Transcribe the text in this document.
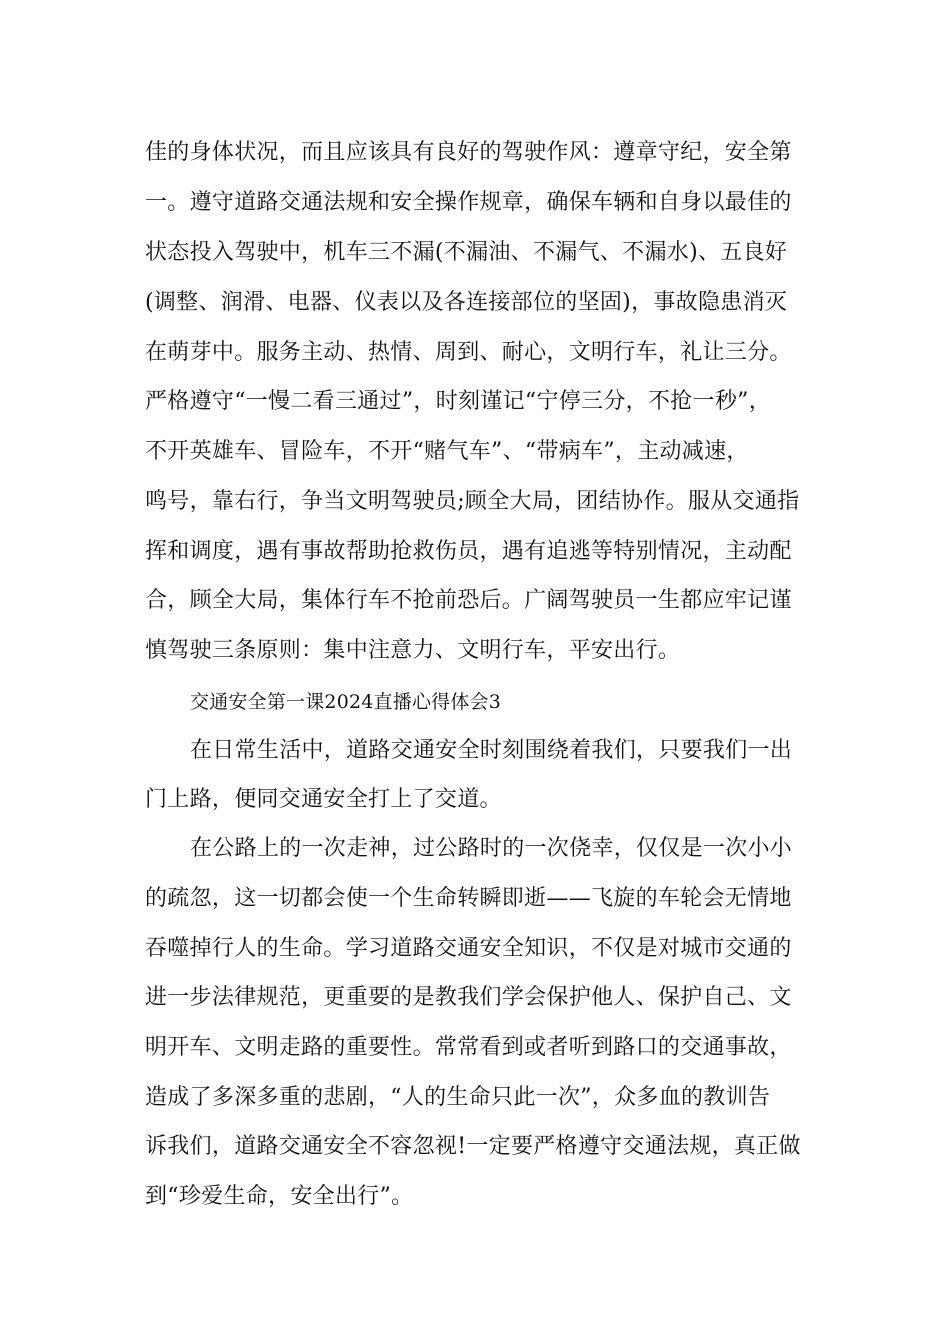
佳的身体状况，而且应该具有良好的驾驶作风：遵章守纪，安全第
一。遵守道路交通法规和安全操作规章，确保车辆和自身以最佳的
状态投入驾驶中，机车三不漏(不漏油、不漏气、不漏水)、五良好
(调整、润滑、电器、仪表以及各连接部位的坚固)，事故隐患消灭
在萌芽中。服务主动、热情、周到、耐心，文明行车，礼让三分。
严格遵守“一慢二看三通过”，时刻谨记“宁停三分，不抢一秒”，
不开英雄车、冒险车，不开“赌气车”、“带病车”，主动减速，
鸣号，靠右行，争当文明驾驶员;顾全大局，团结协作。服从交通指
挥和调度，遇有事故帮助抢救伤员，遇有追逃等特别情况，主动配
合，顾全大局，集体行车不抢前恐后。广阔驾驶员一生都应牢记谨
慎驾驶三条原则：集中注意力、文明行车，平安出行。
交通安全第一课2024直播心得体会3
在日常生活中，道路交通安全时刻围绕着我们，只要我们一出
门上路，便同交通安全打上了交道。
在公路上的一次走神，过公路时的一次侥幸，仅仅是一次小小
的疏忽，这一切都会使一个生命转瞬即逝——飞旋的车轮会无情地
吞噬掉行人的生命。学习道路交通安全知识，不仅是对城市交通的
进一步法律规范，更重要的是教我们学会保护他人、保护自己、文
明开车、文明走路的重要性。常常看到或者听到路口的交通事故，
造成了多深多重的悲剧，“人的生命只此一次”，众多血的教训告
诉我们，道路交通安全不容忽视!一定要严格遵守交通法规，真正做
到“珍爱生命，安全出行”。
